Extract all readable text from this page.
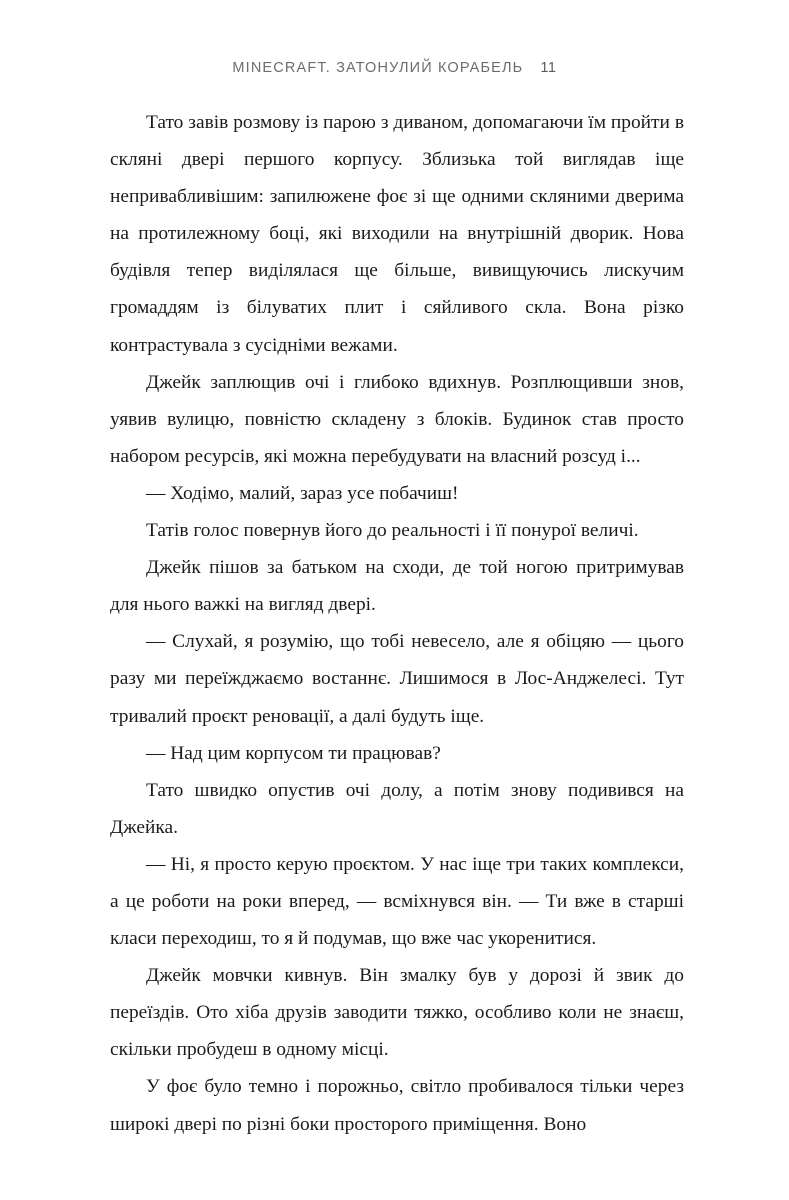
MINECRAFT. ЗАТОНУЛИЙ КОРАБЕЛЬ 11

Тато завів розмову із парою з диваном, допомагаючи їм пройти в скляні двері першого корпусу. Зблизька той виглядав іще непривабливішим: запилюжене фоє зі ще одними скляними дверима на протилежному боці, які виходили на внутрішній дворик. Нова будівля тепер виділялася ще більше, вивищуючись лискучим громаддям із білуватих плит і сяйливого скла. Вона різко контрастувала з сусідніми вежами.

Джейк заплющив очі і глибоко вдихнув. Розплющивши знов, уявив вулицю, повністю складену з блоків. Будинок став просто набором ресурсів, які можна перебудувати на власний розсуд і...

— Ходімо, малий, зараз усе побачиш!

Татів голос повернув його до реальності і її понурої величі.

Джейк пішов за батьком на сходи, де той ногою притримував для нього важкі на вигляд двері.

— Слухай, я розумію, що тобі невесело, але я обіцяю — цього разу ми переїжджаємо востаннє. Лишимося в Лос-Анджелесі. Тут тривалий проєкт реновації, а далі будуть іще.

— Над цим корпусом ти працював?

Тато швидко опустив очі долу, а потім знову подивився на Джейка.

— Ні, я просто керую проєктом. У нас іще три таких комплекси, а це роботи на роки вперед, — всміхнувся він. — Ти вже в старші класи переходиш, то я й подумав, що вже час укоренитися.

Джейк мовчки кивнув. Він змалку був у дорозі й звик до переїздів. Ото хіба друзів заводити тяжко, особливо коли не знаєш, скільки пробудеш в одному місці.

У фоє було темно і порожньо, світло пробивалося тільки через широкі двері по різні боки просторого приміщення. Воно
